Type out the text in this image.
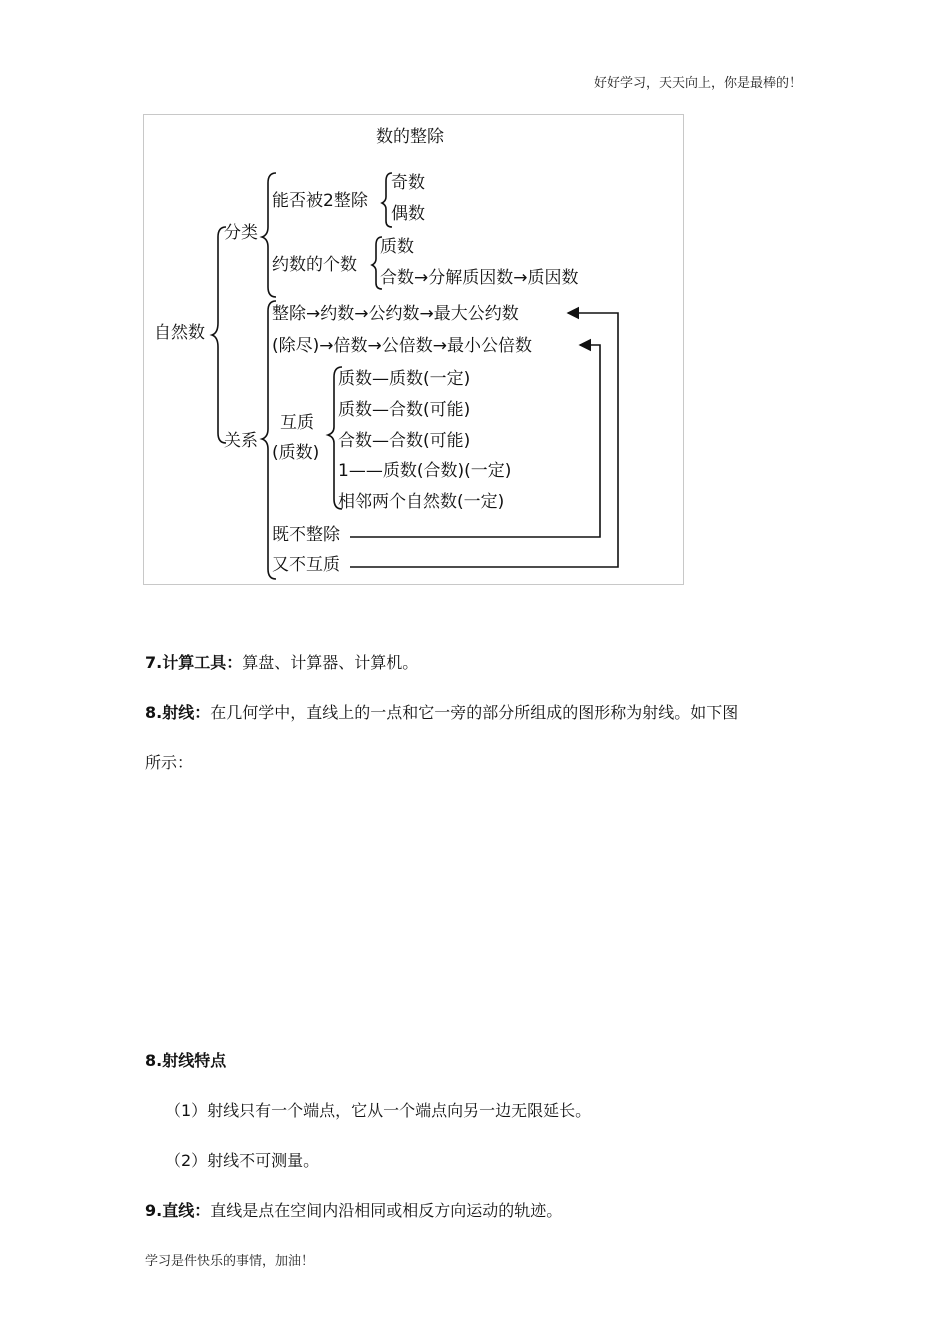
好好学习，天天向上，你是最棒的！
数的整除
自然数
分类
关系
能否被2整除
奇数
偶数
约数的个数
质数
合数→分解质因数→质因数
整除→约数→公约数→最大公约数
(除尽)→倍数→公倍数→最小公倍数
互质
(质数)
质数—质数(一定)
质数—合数(可能)
合数—合数(可能)
1——质数(合数)(一定)
相邻两个自然数(一定)
既不整除
又不互质
7.计算工具：算盘、计算器、计算机。
8.射线：在几何学中，直线上的一点和它一旁的部分所组成的图形称为射线。如下图
所示：
8.射线特点
（1）射线只有一个端点，它从一个端点向另一边无限延长。
（2）射线不可测量。
9.直线：直线是点在空间内沿相同或相反方向运动的轨迹。
学习是件快乐的事情，加油！
